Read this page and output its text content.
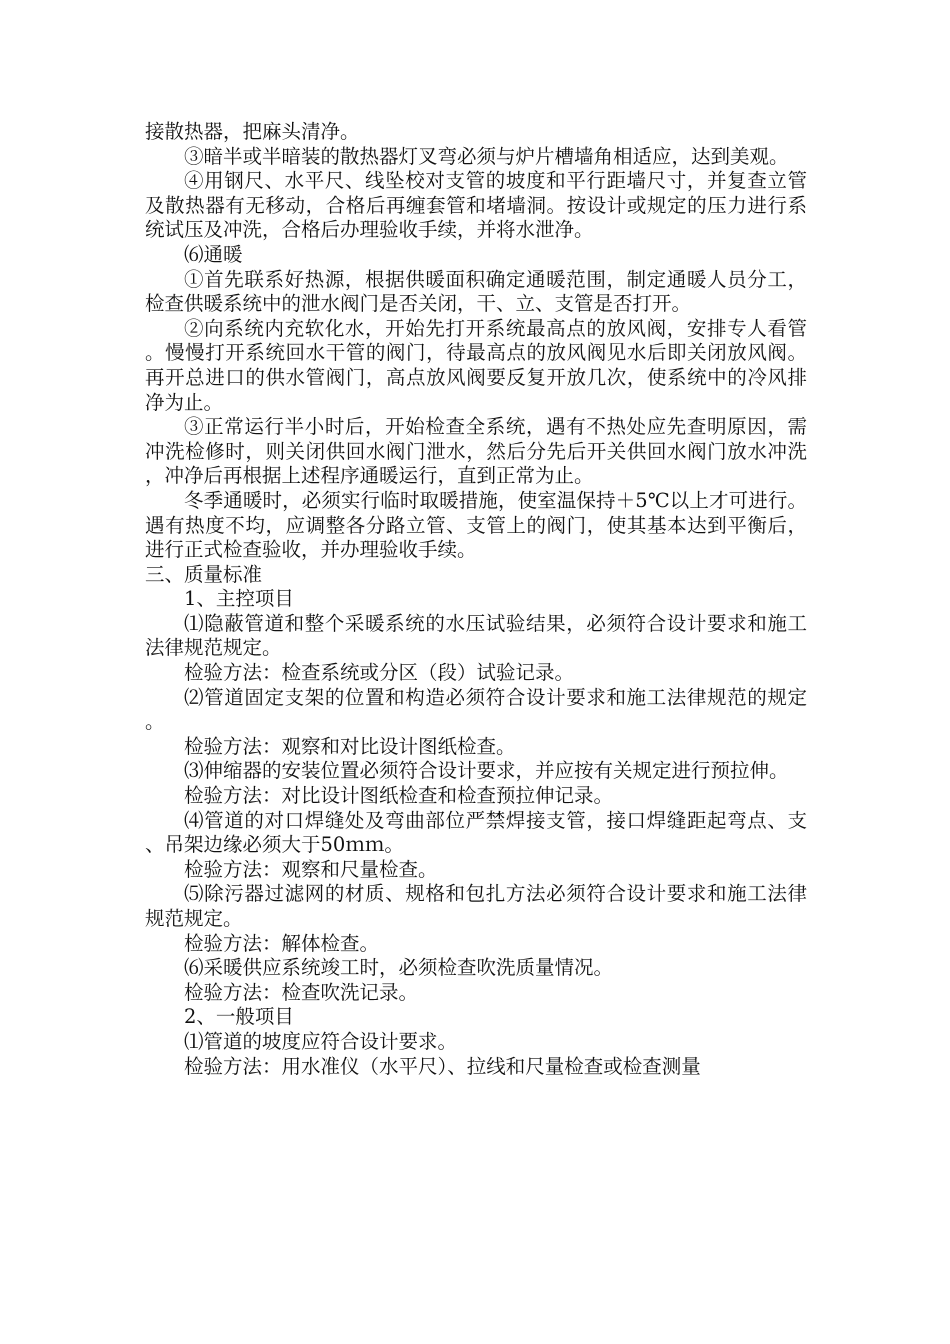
接散热器，把麻头清净。

③暗半或半暗装的散热器灯叉弯必须与炉片槽墙角相适应，达到美观。

④用钢尺、水平尺、线坠校对支管的坡度和平行距墙尺寸，并复查立管及散热器有无移动，合格后再缠套管和堵墙洞。按设计或规定的压力进行系统试压及冲洗，合格后办理验收手续，并将水泄净。

⑹通暖

①首先联系好热源，根据供暖面积确定通暖范围，制定通暖人员分工，检查供暖系统中的泄水阀门是否关闭，干、立、支管是否打开。

②向系统内充软化水，开始先打开系统最高点的放风阀，安排专人看管。慢慢打开系统回水干管的阀门，待最高点的放风阀见水后即关闭放风阀。再开总进口的供水管阀门，高点放风阀要反复开放几次，使系统中的冷风排净为止。

③正常运行半小时后，开始检查全系统，遇有不热处应先查明原因，需冲洗检修时，则关闭供回水阀门泄水，然后分先后开关供回水阀门放水冲洗，冲净后再根据上述程序通暖运行，直到正常为止。

冬季通暖时，必须实行临时取暖措施，使室温保持＋5℃以上才可进行。遇有热度不均，应调整各分路立管、支管上的阀门，使其基本达到平衡后，进行正式检查验收，并办理验收手续。

三、质量标准

1、主控项目

⑴隐蔽管道和整个采暖系统的水压试验结果，必须符合设计要求和施工法律规范规定。

检验方法：检查系统或分区（段）试验记录。

⑵管道固定支架的位置和构造必须符合设计要求和施工法律规范的规定。

检验方法：观察和对比设计图纸检查。

⑶伸缩器的安装位置必须符合设计要求，并应按有关规定进行预拉伸。

检验方法：对比设计图纸检查和检查预拉伸记录。

⑷管道的对口焊缝处及弯曲部位严禁焊接支管，接口焊缝距起弯点、支、吊架边缘必须大于50ｍｍ。

检验方法：观察和尺量检查。

⑸除污器过滤网的材质、规格和包扎方法必须符合设计要求和施工法律规范规定。

检验方法：解体检查。

⑹采暖供应系统竣工时，必须检查吹洗质量情况。

检验方法：检查吹洗记录。

2、一般项目

⑴管道的坡度应符合设计要求。

检验方法：用水准仪（水平尺）、拉线和尺量检查或检查测量
